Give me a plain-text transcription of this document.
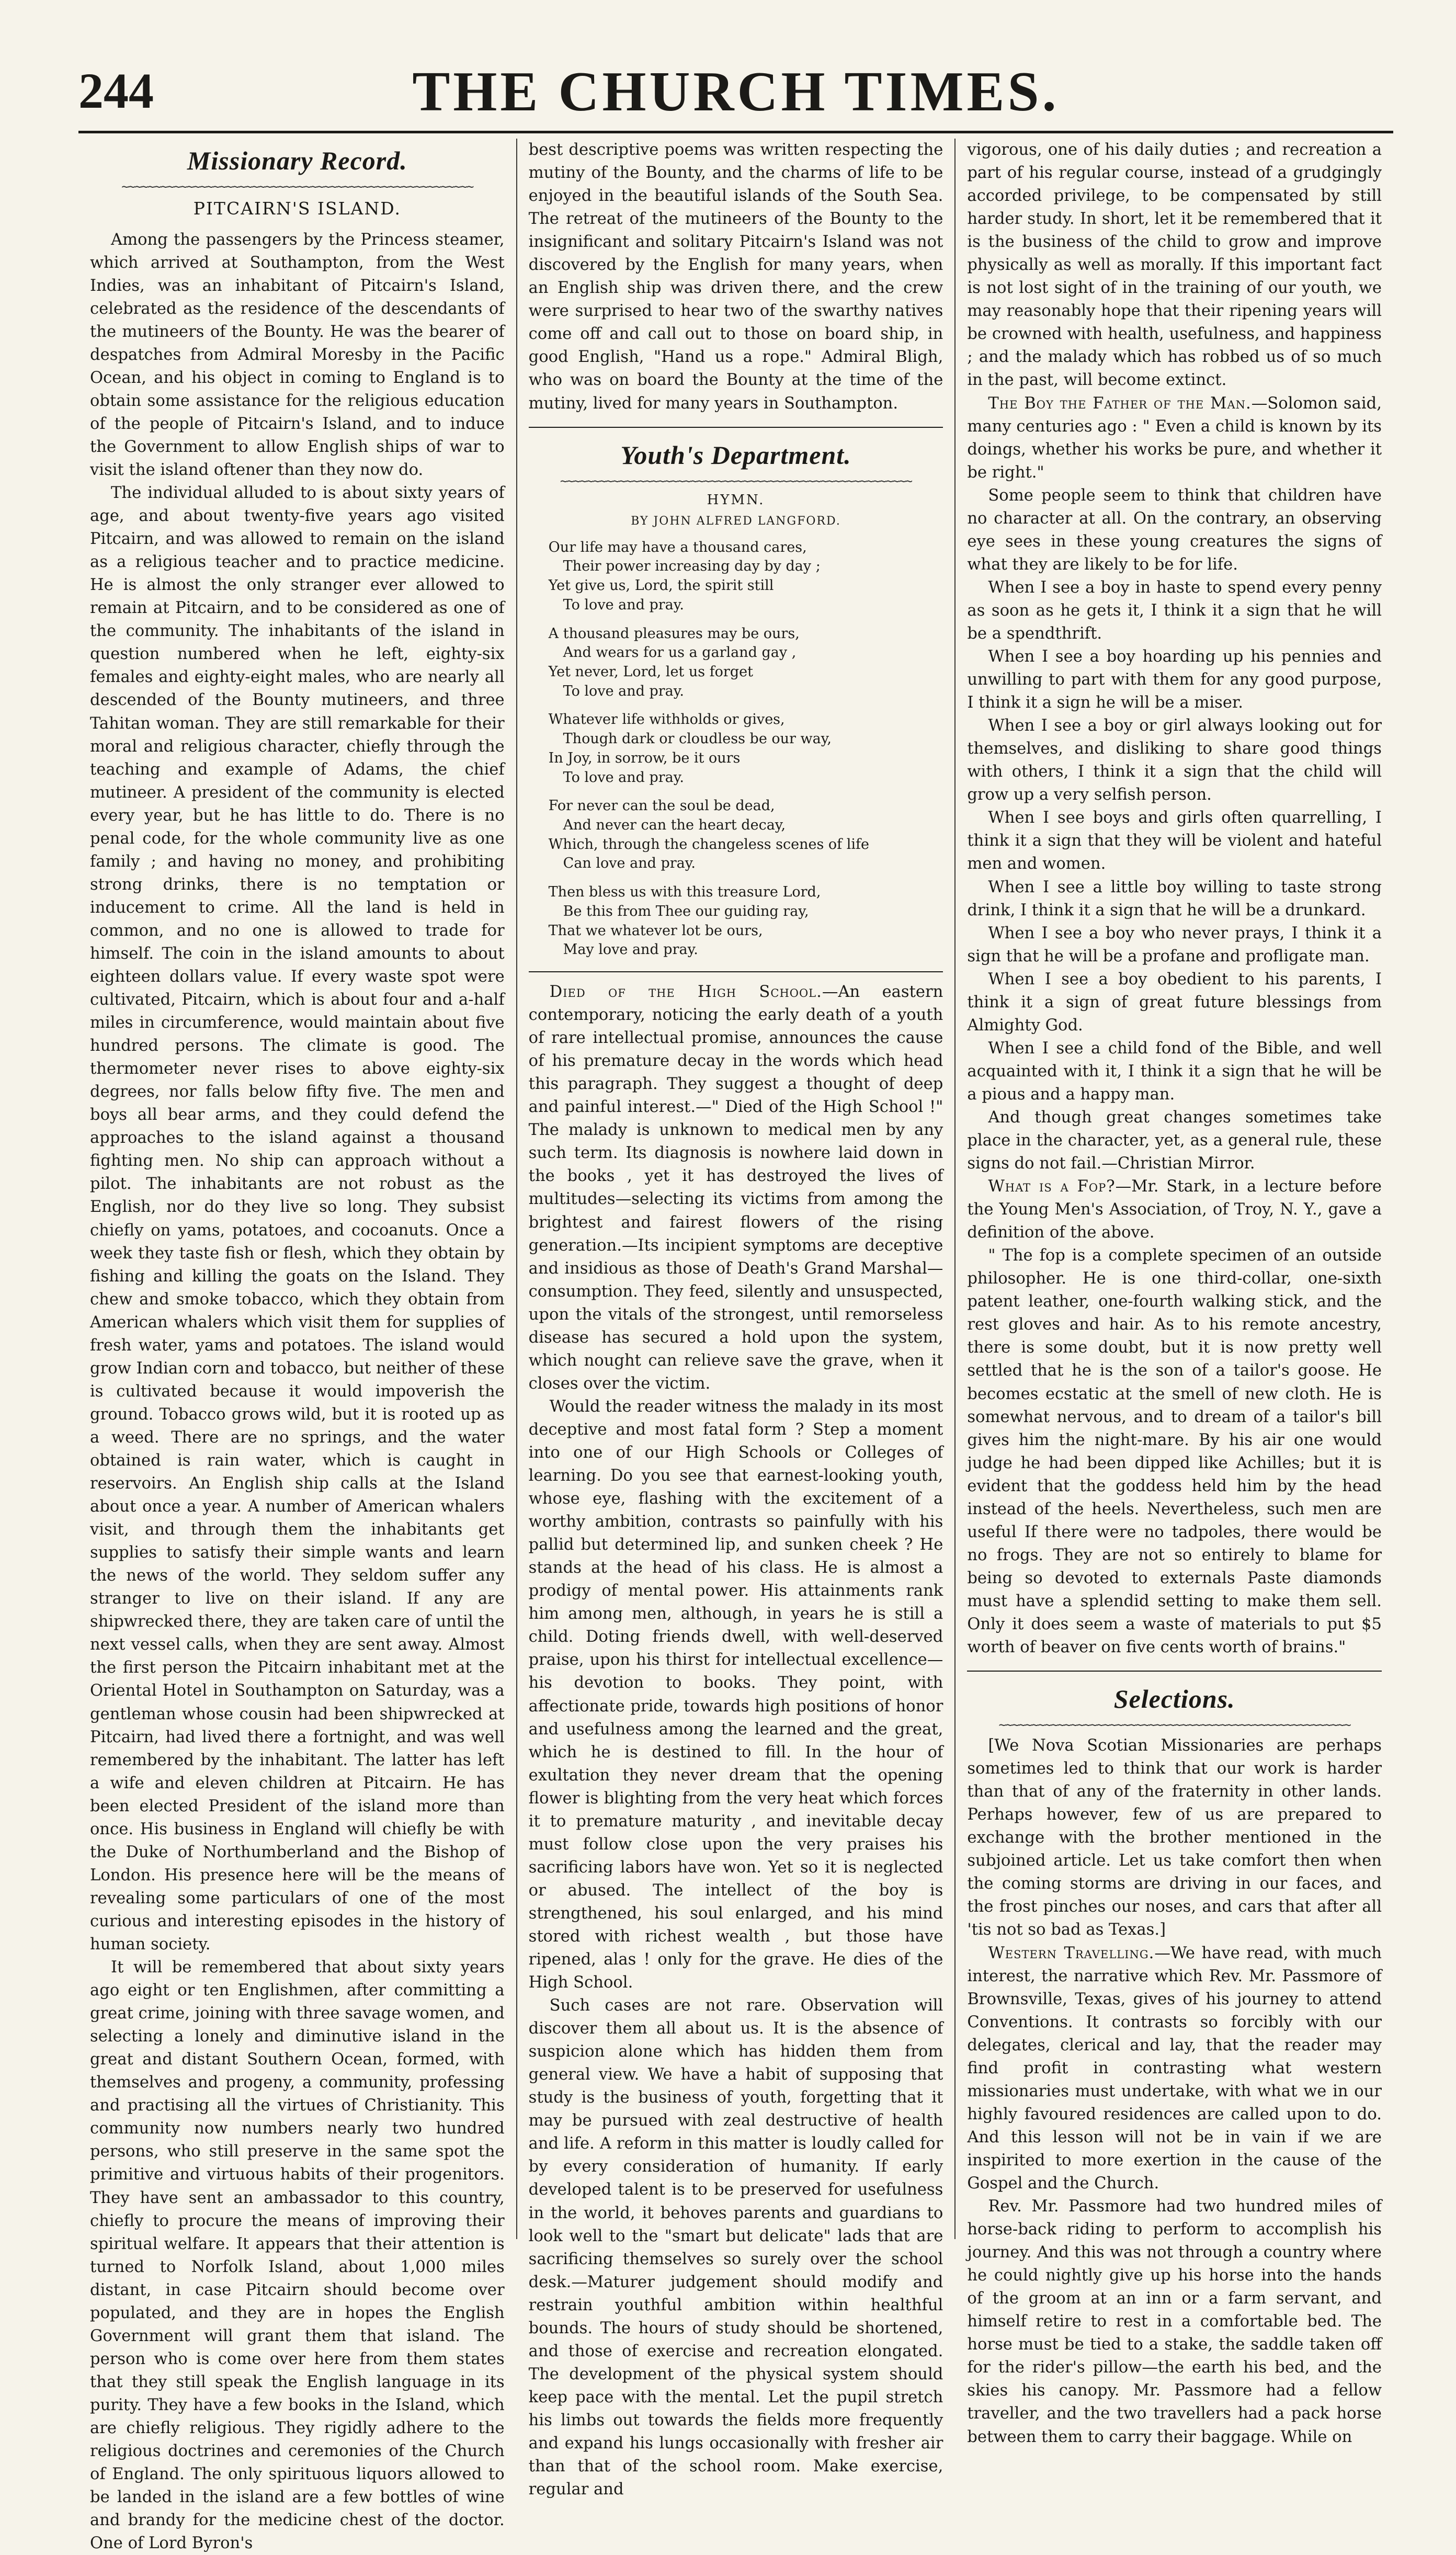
244	THE CHURCH TIMES.
Missionary Record.
~~~~~~~~~~~~~~~~~~~~~~~~~~~~~~~~~~~~~~~~~~~~~~~~~~~~~~
PITCAIRN'S ISLAND.

Among the passengers by the Princess steamer, which arrived at Southampton, from the West Indies, was an inhabitant of Pitcairn's Island, celebrated as the residence of the descendants of the mutineers of the Bounty. He was the bearer of despatches from Admiral Moresby in the Pacific Ocean, and his object in coming to England is to obtain some assistance for the religious education of the people of Pitcairn's Island, and to induce the Government to allow English ships of war to visit the island oftener than they now do.

The individual alluded to is about sixty years of age, and about twenty-five years ago visited Pitcairn, and was allowed to remain on the island as a religious teacher and to practice medicine. He is almost the only stranger ever allowed to remain at Pitcairn, and to be considered as one of the community. The inhabitants of the island in question numbered when he left, eighty-six females and eighty-eight males, who are nearly all descended of the Bounty mutineers, and three Tahitan woman. They are still remarkable for their moral and religious character, chiefly through the teaching and example of Adams, the chief mutineer. A president of the community is elected every year, but he has little to do. There is no penal code, for the whole community live as one family ; and having no money, and prohibiting strong drinks, there is no temptation or inducement to crime. All the land is held in common, and no one is allowed to trade for himself. The coin in the island amounts to about eighteen dollars value. If every waste spot were cultivated, Pitcairn, which is about four and a-half miles in circumference, would maintain about five hundred persons. The climate is good. The thermometer never rises to above eighty-six degrees, nor falls below fifty five. The men and boys all bear arms, and they could defend the approaches to the island against a thousand fighting men. No ship can approach without a pilot. The inhabitants are not robust as the English, nor do they live so long. They subsist chiefly on yams, potatoes, and cocoanuts. Once a week they taste fish or flesh, which they obtain by fishing and killing the goats on the Island. They chew and smoke tobacco, which they obtain from American whalers which visit them for supplies of fresh water, yams and potatoes. The island would grow Indian corn and tobacco, but neither of these is cultivated because it would impoverish the ground. Tobacco grows wild, but it is rooted up as a weed. There are no springs, and the water obtained is rain water, which is caught in reservoirs. An English ship calls at the Island about once a year. A number of American whalers visit, and through them the inhabitants get supplies to satisfy their simple wants and learn the news of the world. They seldom suffer any stranger to live on their island. If any are shipwrecked there, they are taken care of until the next vessel calls, when they are sent away. Almost the first person the Pitcairn inhabitant met at the Oriental Hotel in Southampton on Saturday, was a gentleman whose cousin had been shipwrecked at Pitcairn, had lived there a fortnight, and was well remembered by the inhabitant. The latter has left a wife and eleven children at Pitcairn. He has been elected President of the island more than once. His business in England will chiefly be with the Duke of Northumberland and the Bishop of London. His presence here will be the means of revealing some particulars of one of the most curious and interesting episodes in the history of human society.

It will be remembered that about sixty years ago eight or ten Englishmen, after committing a great crime, joining with three savage women, and selecting a lonely and diminutive island in the great and distant Southern Ocean, formed, with themselves and progeny, a community, professing and practising all the virtues of Christianity. This community now numbers nearly two hundred persons, who still preserve in the same spot the primitive and virtuous habits of their progenitors. They have sent an ambassador to this country, chiefly to procure the means of improving their spiritual welfare. It appears that their attention is turned to Norfolk Island, about 1,000 miles distant, in case Pitcairn should become over populated, and they are in hopes the English Government will grant them that island. The person who is come over here from them states that they still speak the English language in its purity. They have a few books in the Island, which are chiefly religious. They rigidly adhere to the religious doctrines and ceremonies of the Church of England. The only spirituous liquors allowed to be landed in the island are a few bottles of wine and brandy for the medicine chest of the doctor. One of Lord Byron's

best descriptive poems was written respecting the mutiny of the Bounty, and the charms of life to be enjoyed in the beautiful islands of the South Sea. The retreat of the mutineers of the Bounty to the insignificant and solitary Pitcairn's Island was not discovered by the English for many years, when an English ship was driven there, and the crew were surprised to hear two of the swarthy natives come off and call out to those on board ship, in good English, "Hand us a rope." Admiral Bligh, who was on board the Bounty at the time of the mutiny, lived for many years in Southampton.

Youth's Department.
~~~~~~~~~~~~~~~~~~~~~~~~~~~~~~~~~~~~~~~~~~~~~~~~~~~~~~
HYMN.
BY JOHN ALFRED LANGFORD.
Our life may have a thousand cares,
Their power increasing day by day ;
Yet give us, Lord, the spirit still
To love and pray.
A thousand pleasures may be ours,
And wears for us a garland gay ,
Yet never, Lord, let us forget
To love and pray.
Whatever life withholds or gives,
Though dark or cloudless be our way,
In Joy, in sorrow, be it ours
To love and pray.
For never can the soul be dead,
And never can the heart decay,
Which, through the changeless scenes of life
Can love and pray.
Then bless us with this treasure Lord,
Be this from Thee our guiding ray,
That we whatever lot be ours,
May love and pray.

Died of the High School.—An eastern contemporary, noticing the early death of a youth of rare intellectual promise, announces the cause of his premature decay in the words which head this paragraph. They suggest a thought of deep and painful interest.—" Died of the High School !" The malady is unknown to medical men by any such term. Its diagnosis is nowhere laid down in the books , yet it has destroyed the lives of multitudes—selecting its victims from among the brightest and fairest flowers of the rising generation.—Its incipient symptoms are deceptive and insidious as those of Death's Grand Marshal—consumption. They feed, silently and unsuspected, upon the vitals of the strongest, until remorseless disease has secured a hold upon the system, which nought can relieve save the grave, when it closes over the victim.

Would the reader witness the malady in its most deceptive and most fatal form ? Step a moment into one of our High Schools or Colleges of learning. Do you see that earnest-looking youth, whose eye, flashing with the excitement of a worthy ambition, contrasts so painfully with his pallid but determined lip, and sunken cheek ? He stands at the head of his class. He is almost a prodigy of mental power. His attainments rank him among men, although, in years he is still a child. Doting friends dwell, with well-deserved praise, upon his thirst for intellectual excellence—his devotion to books. They point, with affectionate pride, towards high positions of honor and usefulness among the learned and the great, which he is destined to fill. In the hour of exultation they never dream that the opening flower is blighting from the very heat which forces it to premature maturity , and inevitable decay must follow close upon the very praises his sacrificing labors have won. Yet so it is neglected or abused. The intellect of the boy is strengthened, his soul enlarged, and his mind stored with richest wealth , but those have ripened, alas ! only for the grave. He dies of the High School.

Such cases are not rare. Observation will discover them all about us. It is the absence of suspicion alone which has hidden them from general view. We have a habit of supposing that study is the business of youth, forgetting that it may be pursued with zeal destructive of health and life. A reform in this matter is loudly called for by every consideration of humanity. If early developed talent is to be preserved for usefulness in the world, it behoves parents and guardians to look well to the "smart but delicate" lads that are sacrificing themselves so surely over the school desk.—Maturer judgement should modify and restrain youthful ambition within healthful bounds. The hours of study should be shortened, and those of exercise and recreation elongated. The development of the physical system should keep pace with the mental. Let the pupil stretch his limbs out towards the fields more frequently and expand his lungs occasionally with fresher air than that of the school room. Make exercise, regular and

vigorous, one of his daily duties ; and recreation a part of his regular course, instead of a grudgingly accorded privilege, to be compensated by still harder study. In short, let it be remembered that it is the business of the child to grow and improve physically as well as morally. If this important fact is not lost sight of in the training of our youth, we may reasonably hope that their ripening years will be crowned with health, usefulness, and happiness ; and the malady which has robbed us of so much in the past, will become extinct.

The Boy the Father of the Man.—Solomon said, many centuries ago : " Even a child is known by its doings, whether his works be pure, and whether it be right."

Some people seem to think that children have no character at all. On the contrary, an observing eye sees in these young creatures the signs of what they are likely to be for life.

When I see a boy in haste to spend every penny as soon as he gets it, I think it a sign that he will be a spendthrift.

When I see a boy hoarding up his pennies and unwilling to part with them for any good purpose, I think it a sign he will be a miser.

When I see a boy or girl always looking out for themselves, and disliking to share good things with others, I think it a sign that the child will grow up a very selfish person.

When I see boys and girls often quarrelling, I think it a sign that they will be violent and hateful men and women.

When I see a little boy willing to taste strong drink, I think it a sign that he will be a drunkard.

When I see a boy who never prays, I think it a sign that he will be a profane and profligate man.

When I see a boy obedient to his parents, I think it a sign of great future blessings from Almighty God.

When I see a child fond of the Bible, and well acquainted with it, I think it a sign that he will be a pious and a happy man.

And though great changes sometimes take place in the character, yet, as a general rule, these signs do not fail.—Christian Mirror.

What is a Fop?—Mr. Stark, in a lecture before the Young Men's Association, of Troy, N. Y., gave a definition of the above.

" The fop is a complete specimen of an outside philosopher. He is one third-collar, one-sixth patent leather, one-fourth walking stick, and the rest gloves and hair. As to his remote ancestry, there is some doubt, but it is now pretty well settled that he is the son of a tailor's goose. He becomes ecstatic at the smell of new cloth. He is somewhat nervous, and to dream of a tailor's bill gives him the night-mare. By his air one would judge he had been dipped like Achilles; but it is evident that the goddess held him by the head instead of the heels. Nevertheless, such men are useful If there were no tadpoles, there would be no frogs. They are not so entirely to blame for being so devoted to externals Paste diamonds must have a splendid setting to make them sell. Only it does seem a waste of materials to put $5 worth of beaver on five cents worth of brains."

Selections.
~~~~~~~~~~~~~~~~~~~~~~~~~~~~~~~~~~~~~~~~~~~~~~~~~~~~~~

[We Nova Scotian Missionaries are perhaps sometimes led to think that our work is harder than that of any of the fraternity in other lands. Perhaps however, few of us are prepared to exchange with the brother mentioned in the subjoined article. Let us take comfort then when the coming storms are driving in our faces, and the frost pinches our noses, and cars that after all 'tis not so bad as Texas.]

Western Travelling.—We have read, with much interest, the narrative which Rev. Mr. Passmore of Brownsville, Texas, gives of his journey to attend Conventions. It contrasts so forcibly with our delegates, clerical and lay, that the reader may find profit in contrasting what western missionaries must undertake, with what we in our highly favoured residences are called upon to do. And this lesson will not be in vain if we are inspirited to more exertion in the cause of the Gospel and the Church.

Rev. Mr. Passmore had two hundred miles of horse-back riding to perform to accomplish his journey. And this was not through a country where he could nightly give up his horse into the hands of the groom at an inn or a farm servant, and himself retire to rest in a comfortable bed. The horse must be tied to a stake, the saddle taken off for the rider's pillow—the earth his bed, and the skies his canopy. Mr. Passmore had a fellow traveller, and the two travellers had a pack horse between them to carry their baggage. While on
